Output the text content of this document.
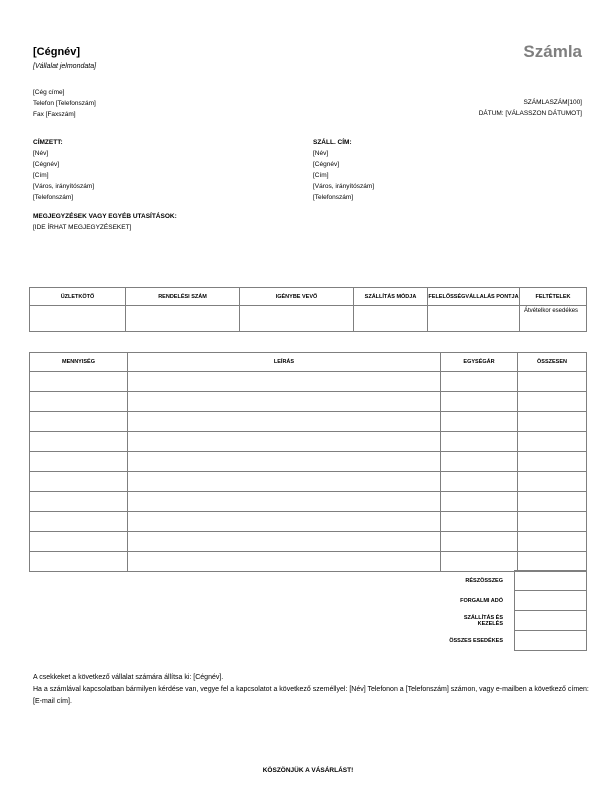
[Cégnév]
[Vállalat jelmondata]
Számla
[Cég címe]
Telefon [Telefonszám]
Fax [Faxszám]
SZÁMLASZÁM[100]
DÁTUM: [VÁLASSZON DÁTUMOT]
CÍMZETT:
[Név]
[Cégnév]
[Cím]
[Város, irányítószám]
[Telefonszám]
SZÁLL. CÍM:
[Név]
[Cégnév]
[Cím]
[Város, irányítószám]
[Telefonszám]
MEGJEGYZÉSEK VAGY EGYÉB UTASÍTÁSOK:
[IDE ÍRHAT MEGJEGYZÉSEKET]
ÜZLETKÖTŐ	RENDELÉSI SZÁM	IGÉNYBE VEVŐ	SZÁLLÍTÁS MÓDJA	FELELŐSSÉGVÁLLALÁS PONTJA	FELTÉTELEK
					Átvételkor esedékes
MENNYISÉG	LEÍRÁS	EGYSÉGÁR	ÖSSZESEN

	RÉSZÖSSZEG	
	FORGALMI ADÓ	
	SZÁLLÍTÁS ÉS KEZELÉS	
	ÖSSZES ESEDÉKES	
A csekkeket a következő vállalat számára állítsa ki: [Cégnév].
Ha a számlával kapcsolatban bármilyen kérdése van, vegye fel a kapcsolatot a következő személlyel: [Név] Telefonon a [Telefonszám] számon, vagy e-mailben a következő címen: [E-mail cím].
KÖSZÖNJÜK A VÁSÁRLÁST!
